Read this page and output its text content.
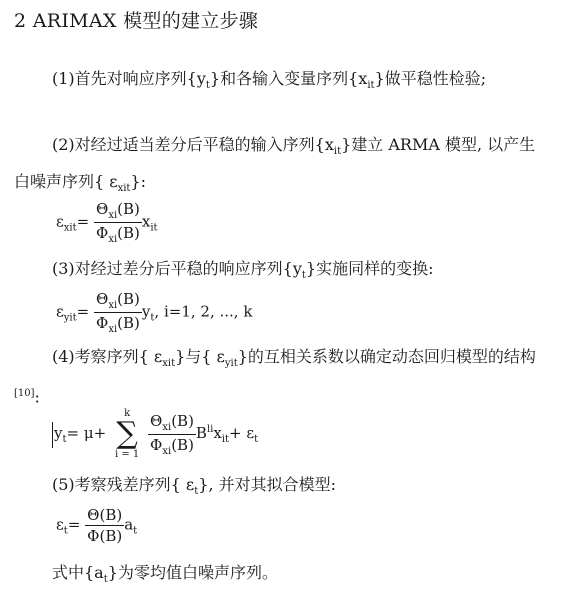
2 ARIMAX 模型的建立步骤
(1)首先对响应序列$\{y_t\}$和各输入变量序列$\{x_{it}\}$做平稳性检验;
(2)对经过适当差分后平稳的输入序列$\{x_{it}\}$建立 ARMA 模型, 以产生白噪声序列{ $\varepsilon_{xit}$}:
$\varepsilon_{xit}= \frac{\Theta_{xi}(B)}{\Phi_{xi}(B)} x_{it}$
(3)对经过差分后平稳的响应序列$\{y_t\}$实施同样的变换:
$\varepsilon_{yit}= \frac{\Theta_{xi}(B)}{\Phi_{xi}(B)} y_t$, i=1, 2, ..., k
(4)考察序列{ $\varepsilon_{xit}$}与{ $\varepsilon_{yit}$}的互相关系数以确定动态回归模型的结构[10]:
$y_t= \mu+$
k
∑
i = 1
$\frac{\Theta_{xi}(B)}{\Phi_{xi}(B)} B^{li}x_{it}+ \varepsilon_t$
(5)考察残差序列{ $\varepsilon_t$}, 并对其拟合模型:
$\varepsilon_t= \frac{\Theta(B)}{\Phi(B)} a_t$
式中$\{a_t\}$为零均值白噪声序列。
